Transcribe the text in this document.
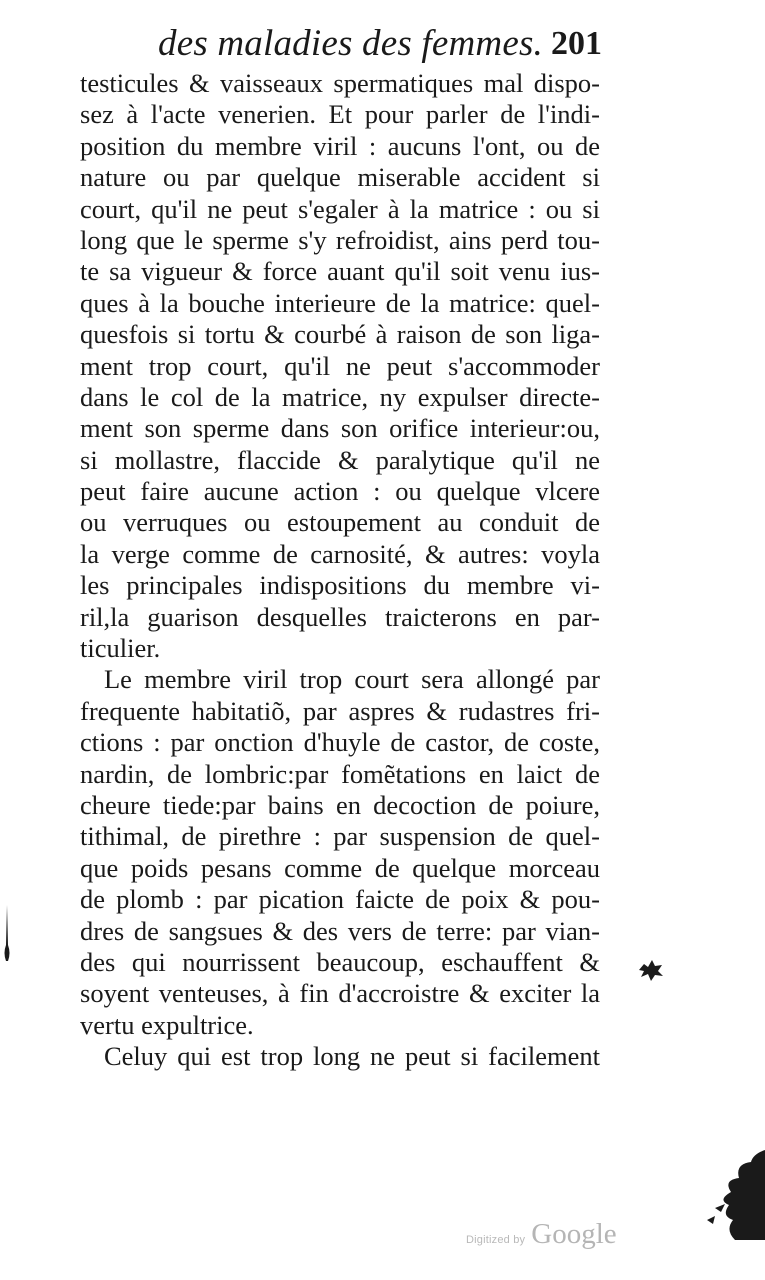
des maladies des femmes. 201
testicules & vaisseaux spermatiques mal dispo-
sez à l'acte venerien. Et pour parler de l'indi-
position du membre viril : aucuns l'ont, ou de
nature ou par quelque miserable accident si
court, qu'il ne peut s'egaler à la matrice : ou si
long que le sperme s'y refroidist, ains perd tou-
te sa vigueur & force auant qu'il soit venu ius-
ques à la bouche interieure de la matrice: quel-
quesfois si tortu & courbé à raison de son liga-
ment trop court, qu'il ne peut s'accommoder
dans le col de la matrice, ny expulser directe-
ment son sperme dans son orifice interieur:ou,
si mollastre, flaccide & paralytique qu'il ne
peut faire aucune action : ou quelque vlcere
ou verruques ou estoupement au conduit de
la verge comme de carnosité, & autres: voyla
les principales indispositions du membre vi-
ril,la guarison desquelles traicterons en par-
ticulier.
Le membre viril trop court sera allongé par
frequente habitatiõ, par aspres & rudastres fri-
ctions : par onction d'huyle de castor, de coste,
nardin, de lombric:par fomẽtations en laict de
cheure tiede:par bains en decoction de poiure,
tithimal, de pirethre : par suspension de quel-
que poids pesans comme de quelque morceau
de plomb : par pication faicte de poix & pou-
dres de sangsues & des vers de terre: par vian-
des qui nourrissent beaucoup, eschauffent &
soyent venteuses, à fin d'accroistre & exciter la
vertu expultrice.
Celuy qui est trop long ne peut si facilement
Digitized by Google
